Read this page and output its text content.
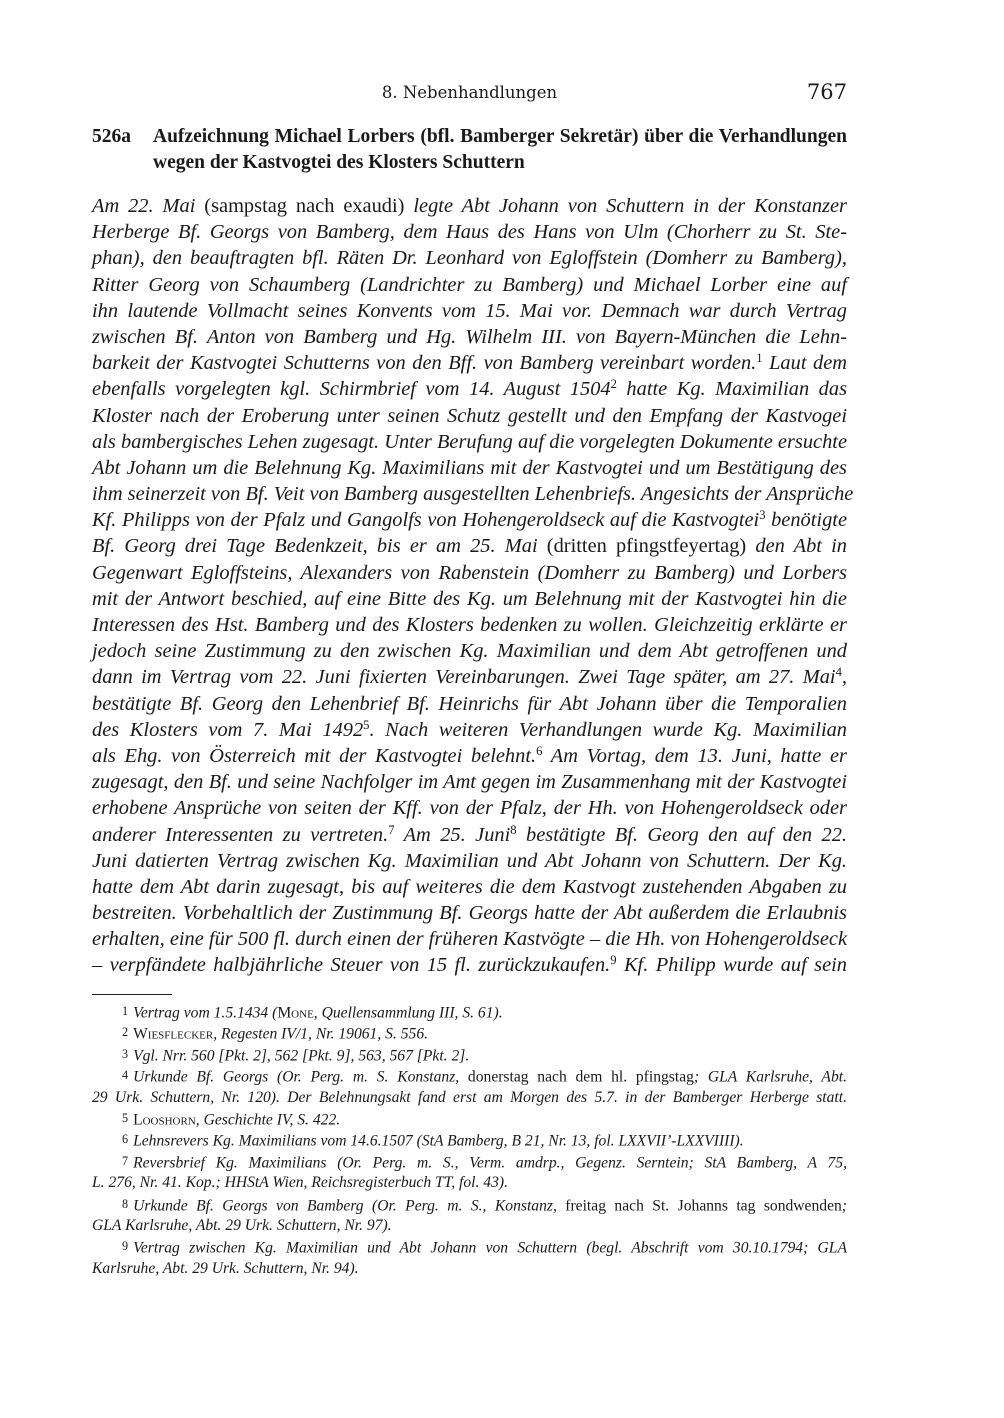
8. Nebenhandlungen	767
526a Aufzeichnung Michael Lorbers (bfl. Bamberger Sekretär) über die Verhandlungen wegen der Kastvogtei des Klosters Schuttern
Am 22. Mai (sampstag nach exaudi) legte Abt Johann von Schuttern in der Konstanzer
Herberge Bf. Georgs von Bamberg, dem Haus des Hans von Ulm (Chorherr zu St. Ste-
phan), den beauftragten bfl. Räten Dr. Leonhard von Egloffstein (Domherr zu Bamberg),
Ritter Georg von Schaumberg (Landrichter zu Bamberg) und Michael Lorber eine auf
ihn lautende Vollmacht seines Konvents vom 15. Mai vor. Demnach war durch Vertrag
zwischen Bf. Anton von Bamberg und Hg. Wilhelm III. von Bayern-München die Lehn-
barkeit der Kastvogtei Schutterns von den Bff. von Bamberg vereinbart worden.$^1$ Laut dem
ebenfalls vorgelegten kgl. Schirmbrief vom 14. August 1504$^2$ hatte Kg. Maximilian das
Kloster nach der Eroberung unter seinen Schutz gestellt und den Empfang der Kastvogei
als bambergisches Lehen zugesagt. Unter Berufung auf die vorgelegten Dokumente ersuchte
Abt Johann um die Belehnung Kg. Maximilians mit der Kastvogtei und um Bestätigung des
ihm seinerzeit von Bf. Veit von Bamberg ausgestellten Lehenbriefs. Angesichts der Ansprüche
Kf. Philipps von der Pfalz und Gangolfs von Hohengeroldseck auf die Kastvogtei$^3$ benötigte
Bf. Georg drei Tage Bedenkzeit, bis er am 25. Mai (dritten pfingstfeyertag) den Abt in
Gegenwart Egloffsteins, Alexanders von Rabenstein (Domherr zu Bamberg) und Lorbers
mit der Antwort beschied, auf eine Bitte des Kg. um Belehnung mit der Kastvogtei hin die
Interessen des Hst. Bamberg und des Klosters bedenken zu wollen. Gleichzeitig erklärte er
jedoch seine Zustimmung zu den zwischen Kg. Maximilian und dem Abt getroffenen und
dann im Vertrag vom 22. Juni fixierten Vereinbarungen. Zwei Tage später, am 27. Mai$^4$,
bestätigte Bf. Georg den Lehenbrief Bf. Heinrichs für Abt Johann über die Temporalien
des Klosters vom 7. Mai 1492$^5$. Nach weiteren Verhandlungen wurde Kg. Maximilian
als Ehg. von Österreich mit der Kastvogtei belehnt.$^6$ Am Vortag, dem 13. Juni, hatte er
zugesagt, den Bf. und seine Nachfolger im Amt gegen im Zusammenhang mit der Kastvogtei
erhobene Ansprüche von seiten der Kff. von der Pfalz, der Hh. von Hohengeroldseck oder
anderer Interessenten zu vertreten.$^7$ Am 25. Juni$^8$ bestätigte Bf. Georg den auf den 22.
Juni datierten Vertrag zwischen Kg. Maximilian und Abt Johann von Schuttern. Der Kg.
hatte dem Abt darin zugesagt, bis auf weiteres die dem Kastvogt zustehenden Abgaben zu
bestreiten. Vorbehaltlich der Zustimmung Bf. Georgs hatte der Abt außerdem die Erlaubnis
erhalten, eine für 500 fl. durch einen der früheren Kastvögte – die Hh. von Hohengeroldseck
– verpfändete halbjährliche Steuer von 15 fl. zurückzukaufen.$^9$ Kf. Philipp wurde auf sein
1 Vertrag vom 1.5.1434 (Mone, Quellensammlung III, S. 61).
2 Wiesflecker, Regesten IV/1, Nr. 19061, S. 556.
3 Vgl. Nrr. 560 [Pkt. 2], 562 [Pkt. 9], 563, 567 [Pkt. 2].
4 Urkunde Bf. Georgs (Or. Perg. m. S. Konstanz, donerstag nach dem hl. pfingstag; GLA Karlsruhe, Abt.
29 Urk. Schuttern, Nr. 120). Der Belehnungsakt fand erst am Morgen des 5.7. in der Bamberger Herberge statt.
5 Looshorn, Geschichte IV, S. 422.
6 Lehnsrevers Kg. Maximilians vom 14.6.1507 (StA Bamberg, B 21, Nr. 13, fol. LXXVII’-LXXVIIII).
7 Reversbrief Kg. Maximilians (Or. Perg. m. S., Verm. amdrp., Gegenz. Serntein; StA Bamberg, A 75,
L. 276, Nr. 41. Kop.; HHStA Wien, Reichsregisterbuch TT, fol. 43).
8 Urkunde Bf. Georgs von Bamberg (Or. Perg. m. S., Konstanz, freitag nach St. Johanns tag sondwenden;
GLA Karlsruhe, Abt. 29 Urk. Schuttern, Nr. 97).
9 Vertrag zwischen Kg. Maximilian und Abt Johann von Schuttern (begl. Abschrift vom 30.10.1794; GLA
Karlsruhe, Abt. 29 Urk. Schuttern, Nr. 94).
